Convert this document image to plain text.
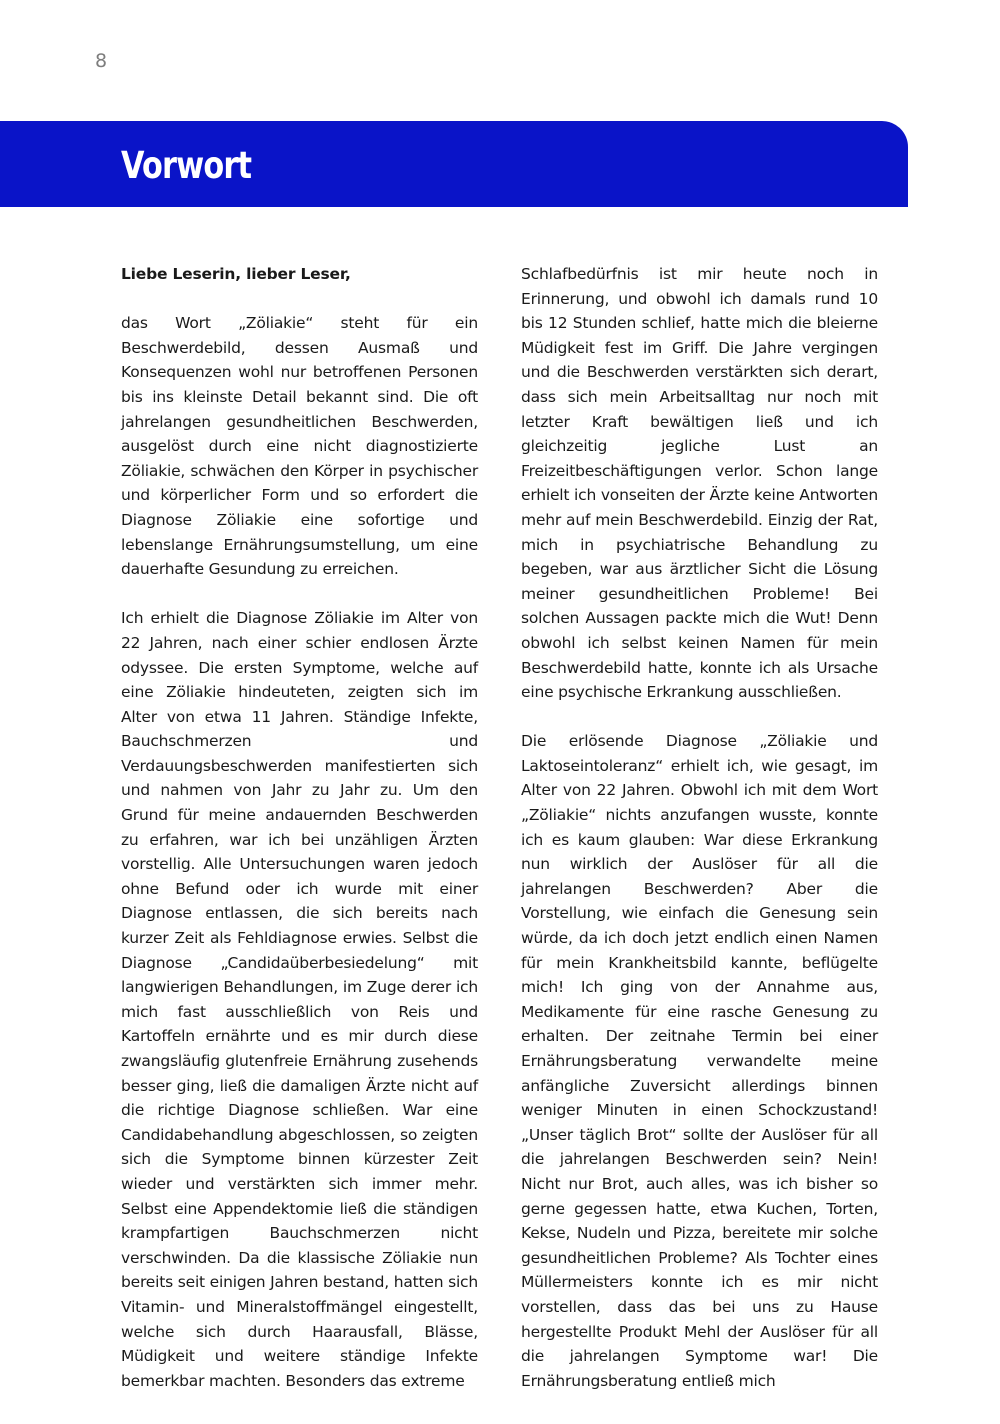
8
Vorwort

Liebe Leserin, lieber Leser,

das Wort „Zöliakie“ steht für ein Beschwerdebild, dessen Ausmaß und Konsequenzen wohl nur betroffenen Personen bis ins kleinste Detail bekannt sind. Die oft jahrelangen gesundheitlichen Beschwerden, ausgelöst durch eine nicht diagnostizierte Zöliakie, schwächen den Körper in psychischer und körperlicher Form und so erfordert die Diagnose Zöliakie eine sofortige und lebenslange Ernährungsumstellung, um eine dauerhafte Gesundung zu erreichen.

Ich erhielt die Diagnose Zöliakie im Alter von 22 Jahren, nach einer schier endlosen Ärzte odyssee. Die ersten Symptome, welche auf eine Zöliakie hindeuteten, zeigten sich im Alter von etwa 11 Jahren. Ständige Infekte, Bauchschmerzen und Verdauungsbeschwerden manifestierten sich und nahmen von Jahr zu Jahr zu. Um den Grund für meine andauernden Beschwerden zu erfahren, war ich bei unzähligen Ärzten vorstellig. Alle Untersuchungen waren jedoch ohne Befund oder ich wurde mit einer Diagnose entlassen, die sich bereits nach kurzer Zeit als Fehldiagnose erwies. Selbst die Diagnose „Candidaüberbesiedelung“ mit langwierigen Behandlungen, im Zuge derer ich mich fast ausschließlich von Reis und Kartoffeln ernährte und es mir durch diese zwangsläufig glutenfreie Ernährung zusehends besser ging, ließ die damaligen Ärzte nicht auf die richtige Diagnose schließen. War eine Candidabehandlung abgeschlossen, so zeigten sich die Symptome binnen kürzester Zeit wieder und verstärkten sich immer mehr. Selbst eine Appendektomie ließ die ständigen krampfartigen Bauchschmerzen nicht verschwinden. Da die klassische Zöliakie nun bereits seit einigen Jahren bestand, hatten sich Vitamin- und Mineralstoffmängel eingestellt, welche sich durch Haarausfall, Blässe, Müdigkeit und weitere ständige Infekte bemerkbar machten. Besonders das extreme

Schlafbedürfnis ist mir heute noch in Erinnerung, und obwohl ich damals rund 10 bis 12 Stunden schlief, hatte mich die bleierne Müdigkeit fest im Griff. Die Jahre vergingen und die Beschwerden verstärkten sich derart, dass sich mein Arbeitsalltag nur noch mit letzter Kraft bewältigen ließ und ich gleichzeitig jegliche Lust an Freizeitbeschäftigungen verlor. Schon lange erhielt ich vonseiten der Ärzte keine Antworten mehr auf mein Beschwerdebild. Einzig der Rat, mich in psychiatrische Behandlung zu begeben, war aus ärztlicher Sicht die Lösung meiner gesundheitlichen Probleme! Bei solchen Aussagen packte mich die Wut! Denn obwohl ich selbst keinen Namen für mein Beschwerdebild hatte, konnte ich als Ursache eine psychische Erkrankung ausschließen.

Die erlösende Diagnose „Zöliakie und Laktoseintoleranz“ erhielt ich, wie gesagt, im Alter von 22 Jahren. Obwohl ich mit dem Wort „Zöliakie“ nichts anzufangen wusste, konnte ich es kaum glauben: War diese Erkrankung nun wirklich der Auslöser für all die jahrelangen Beschwerden? Aber die Vorstellung, wie einfach die Genesung sein würde, da ich doch jetzt endlich einen Namen für mein Krankheitsbild kannte, beflügelte mich! Ich ging von der Annahme aus, Medikamente für eine rasche Genesung zu erhalten. Der zeitnahe Termin bei einer Ernährungsberatung verwandelte meine anfängliche Zuversicht allerdings binnen weniger Minuten in einen Schockzustand! „Unser täglich Brot“ sollte der Auslöser für all die jahrelangen Beschwerden sein? Nein! Nicht nur Brot, auch alles, was ich bisher so gerne gegessen hatte, etwa Kuchen, Torten, Kekse, Nudeln und Pizza, bereitete mir solche gesundheitlichen Probleme? Als Tochter eines Müllermeisters konnte ich es mir nicht vorstellen, dass das bei uns zu Hause hergestellte Produkt Mehl der Auslöser für all die jahrelangen Symptome war! Die Ernährungsberatung entließ mich
